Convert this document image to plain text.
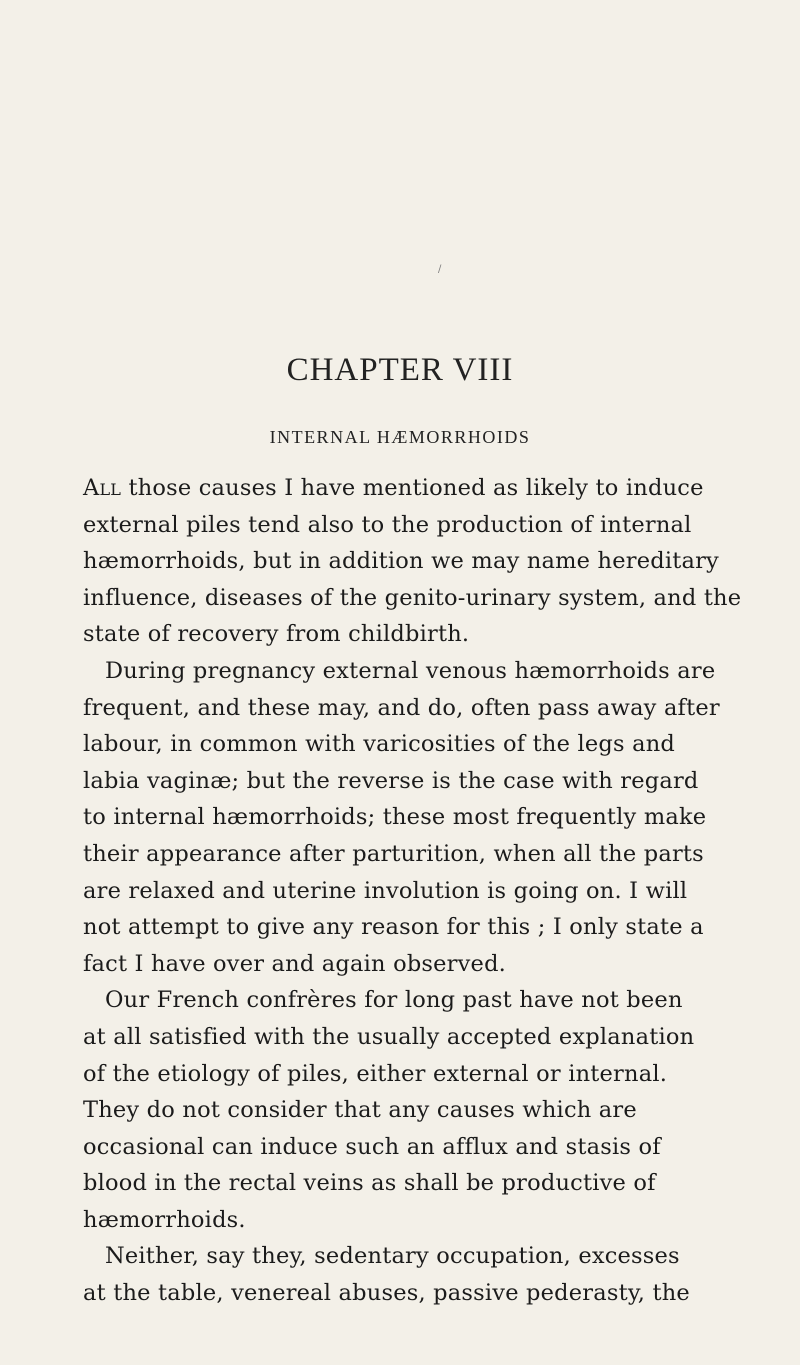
/
CHAPTER VIII
INTERNAL HÆMORRHOIDS
All those causes I have mentioned as likely to induce
external piles tend also to the production of internal
hæmorrhoids, but in addition we may name hereditary
influence, diseases of the genito-urinary system, and the
state of recovery from childbirth.
During pregnancy external venous hæmorrhoids are
frequent, and these may, and do, often pass away after
labour, in common with varicosities of the legs and
labia vaginæ; but the reverse is the case with regard
to internal hæmorrhoids; these most frequently make
their appearance after parturition, when all the parts
are relaxed and uterine involution is going on. I will
not attempt to give any reason for this ; I only state a
fact I have over and again observed.
Our French confrères for long past have not been
at all satisfied with the usually accepted explanation
of the etiology of piles, either external or internal.
They do not consider that any causes which are
occasional can induce such an afflux and stasis of
blood in the rectal veins as shall be productive of
hæmorrhoids.
Neither, say they, sedentary occupation, excesses
at the table, venereal abuses, passive pederasty, the
